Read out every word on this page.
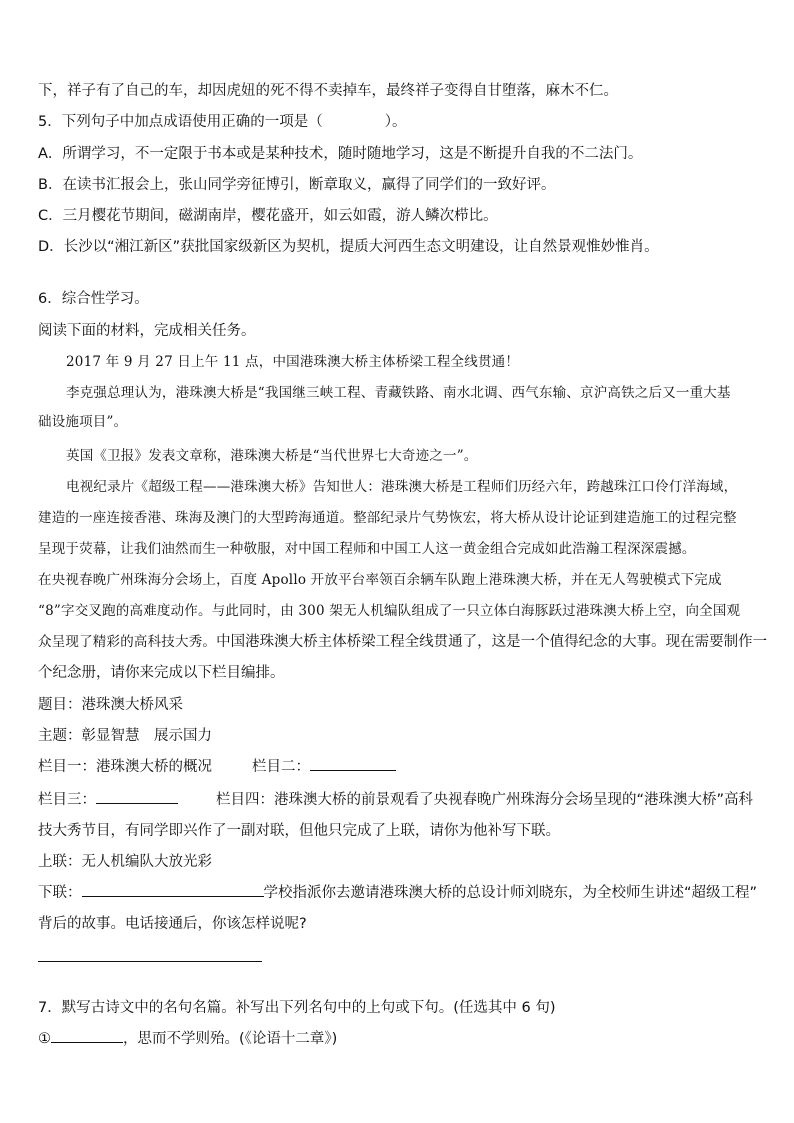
下，祥子有了自己的车，却因虎妞的死不得不卖掉车，最终祥子变得自甘堕落，麻木不仁。
5．下列句子中加点成语使用正确的一项是（	）。
A．所谓学习，不一定限于书本或是某种技术，随时随地学习，这是不断提升自我的不二法门。
B．在读书汇报会上，张山同学旁征博引，断章取义，赢得了同学们的一致好评。
C．三月樱花节期间，磁湖南岸，樱花盛开，如云如霞，游人鳞次栉比。
D．长沙以“湘江新区”获批国家级新区为契机，提质大河西生态文明建设，让自然景观惟妙惟肖。
6．综合性学习。
阅读下面的材料，完成相关任务。
2017 年 9 月 27 日上午 11 点，中国港珠澳大桥主体桥梁工程全线贯通！
李克强总理认为，港珠澳大桥是“我国继三峡工程、青藏铁路、南水北调、西气东输、京沪高铁之后又一重大基
础设施项目”。
英国《卫报》发表文章称，港珠澳大桥是“当代世界七大奇迹之一”。
电视纪录片《超级工程——港珠澳大桥》告知世人：港珠澳大桥是工程师们历经六年，跨越珠江口伶仃洋海域，
建造的一座连接香港、珠海及澳门的大型跨海通道。整部纪录片气势恢宏，将大桥从设计论证到建造施工的过程完整
呈现于荧幕，让我们油然而生一种敬服，对中国工程师和中国工人这一黄金组合完成如此浩瀚工程深深震撼。
在央视春晚广州珠海分会场上，百度 Apollo 开放平台率领百余辆车队跑上港珠澳大桥，并在无人驾驶模式下完成
“8”字交叉跑的高难度动作。与此同时，由 300 架无人机编队组成了一只立体白海豚跃过港珠澳大桥上空，向全国观
众呈现了精彩的高科技大秀。中国港珠澳大桥主体桥梁工程全线贯通了，这是一个值得纪念的大事。现在需要制作一
个纪念册，请你来完成以下栏目编排。
题目：港珠澳大桥风采
主题：彰显智慧　展示国力
栏目一：港珠澳大桥的概况	栏目二：
栏目三：	栏目四：港珠澳大桥的前景观看了央视春晚广州珠海分会场呈现的“港珠澳大桥”高科
技大秀节目，有同学即兴作了一副对联，但他只完成了上联，请你为他补写下联。
上联：无人机编队大放光彩
下联：	学校指派你去邀请港珠澳大桥的总设计师刘晓东，为全校师生讲述“超级工程”
背后的故事。电话接通后，你该怎样说呢?
7．默写古诗文中的名句名篇。补写出下列名句中的上句或下句。(任选其中 6 句)
①	，思而不学则殆。(《论语十二章》)
